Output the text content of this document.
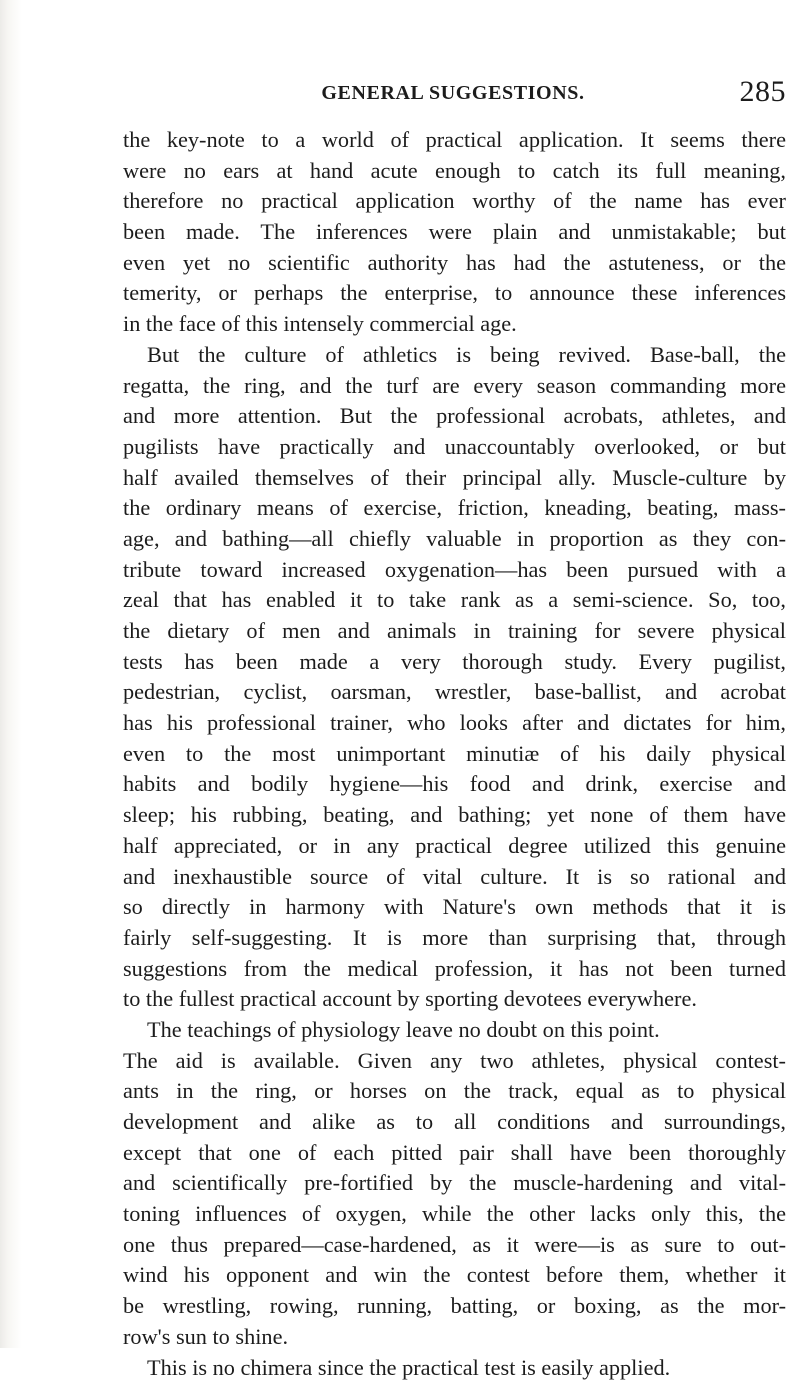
GENERAL SUGGESTIONS.	285
the key-note to a world of practical application. It seems there
were no ears at hand acute enough to catch its full meaning,
therefore no practical application worthy of the name has ever
been made. The inferences were plain and unmistakable; but
even yet no scientific authority has had the astuteness, or the
temerity, or perhaps the enterprise, to announce these inferences
in the face of this intensely commercial age.
But the culture of athletics is being revived. Base-ball, the
regatta, the ring, and the turf are every season commanding more
and more attention. But the professional acrobats, athletes, and
pugilists have practically and unaccountably overlooked, or but
half availed themselves of their principal ally. Muscle-culture by
the ordinary means of exercise, friction, kneading, beating, mass-
age, and bathing—all chiefly valuable in proportion as they con-
tribute toward increased oxygenation—has been pursued with a
zeal that has enabled it to take rank as a semi-science. So, too,
the dietary of men and animals in training for severe physical
tests has been made a very thorough study. Every pugilist,
pedestrian, cyclist, oarsman, wrestler, base-ballist, and acrobat
has his professional trainer, who looks after and dictates for him,
even to the most unimportant minutiæ of his daily physical
habits and bodily hygiene—his food and drink, exercise and
sleep; his rubbing, beating, and bathing; yet none of them have
half appreciated, or in any practical degree utilized this genuine
and inexhaustible source of vital culture. It is so rational and
so directly in harmony with Nature's own methods that it is
fairly self-suggesting. It is more than surprising that, through
suggestions from the medical profession, it has not been turned
to the fullest practical account by sporting devotees everywhere.
The teachings of physiology leave no doubt on this point.
The aid is available. Given any two athletes, physical contest-
ants in the ring, or horses on the track, equal as to physical
development and alike as to all conditions and surroundings,
except that one of each pitted pair shall have been thoroughly
and scientifically pre-fortified by the muscle-hardening and vital-
toning influences of oxygen, while the other lacks only this, the
one thus prepared—case-hardened, as it were—is as sure to out-
wind his opponent and win the contest before them, whether it
be wrestling, rowing, running, batting, or boxing, as the mor-
row's sun to shine.
This is no chimera since the practical test is easily applied.
